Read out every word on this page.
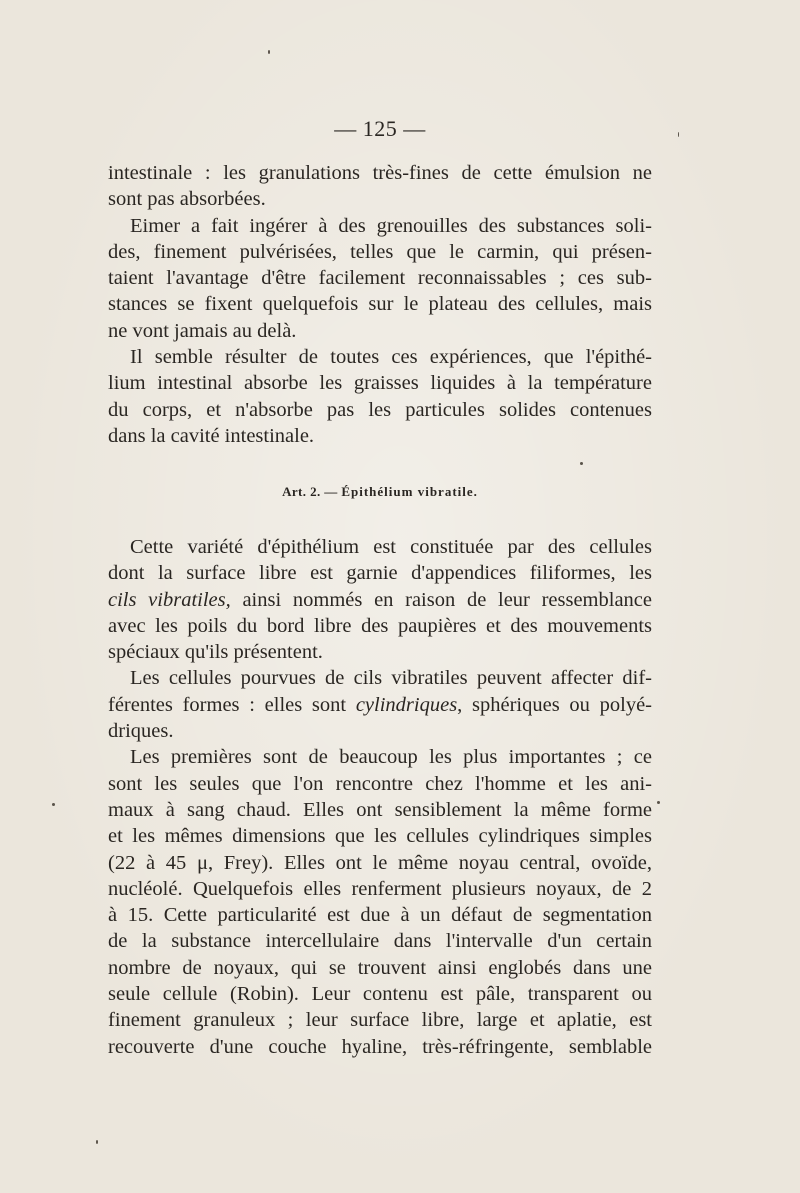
— 125 —
intestinale : les granulations très-fines de cette émulsion ne
sont pas absorbées.
Eimer a fait ingérer à des grenouilles des substances soli-
des, finement pulvérisées, telles que le carmin, qui présen-
taient l'avantage d'être facilement reconnaissables ; ces sub-
stances se fixent quelquefois sur le plateau des cellules, mais
ne vont jamais au delà.
Il semble résulter de toutes ces expériences, que l'épithé-
lium intestinal absorbe les graisses liquides à la température
du corps, et n'absorbe pas les particules solides contenues
dans la cavité intestinale.
Art. 2. — Épithélium vibratile.
Cette variété d'épithélium est constituée par des cellules
dont la surface libre est garnie d'appendices filiformes, les
cils vibratiles, ainsi nommés en raison de leur ressemblance
avec les poils du bord libre des paupières et des mouvements
spéciaux qu'ils présentent.
Les cellules pourvues de cils vibratiles peuvent affecter dif-
férentes formes : elles sont cylindriques, sphériques ou polyé-
driques.
Les premières sont de beaucoup les plus importantes ; ce
sont les seules que l'on rencontre chez l'homme et les ani-
maux à sang chaud. Elles ont sensiblement la même forme
et les mêmes dimensions que les cellules cylindriques simples
(22 à 45 μ, Frey). Elles ont le même noyau central, ovoïde,
nucléolé. Quelquefois elles renferment plusieurs noyaux, de 2
à 15. Cette particularité est due à un défaut de segmentation
de la substance intercellulaire dans l'intervalle d'un certain
nombre de noyaux, qui se trouvent ainsi englobés dans une
seule cellule (Robin). Leur contenu est pâle, transparent ou
finement granuleux ; leur surface libre, large et aplatie, est
recouverte d'une couche hyaline, très-réfringente, semblable
